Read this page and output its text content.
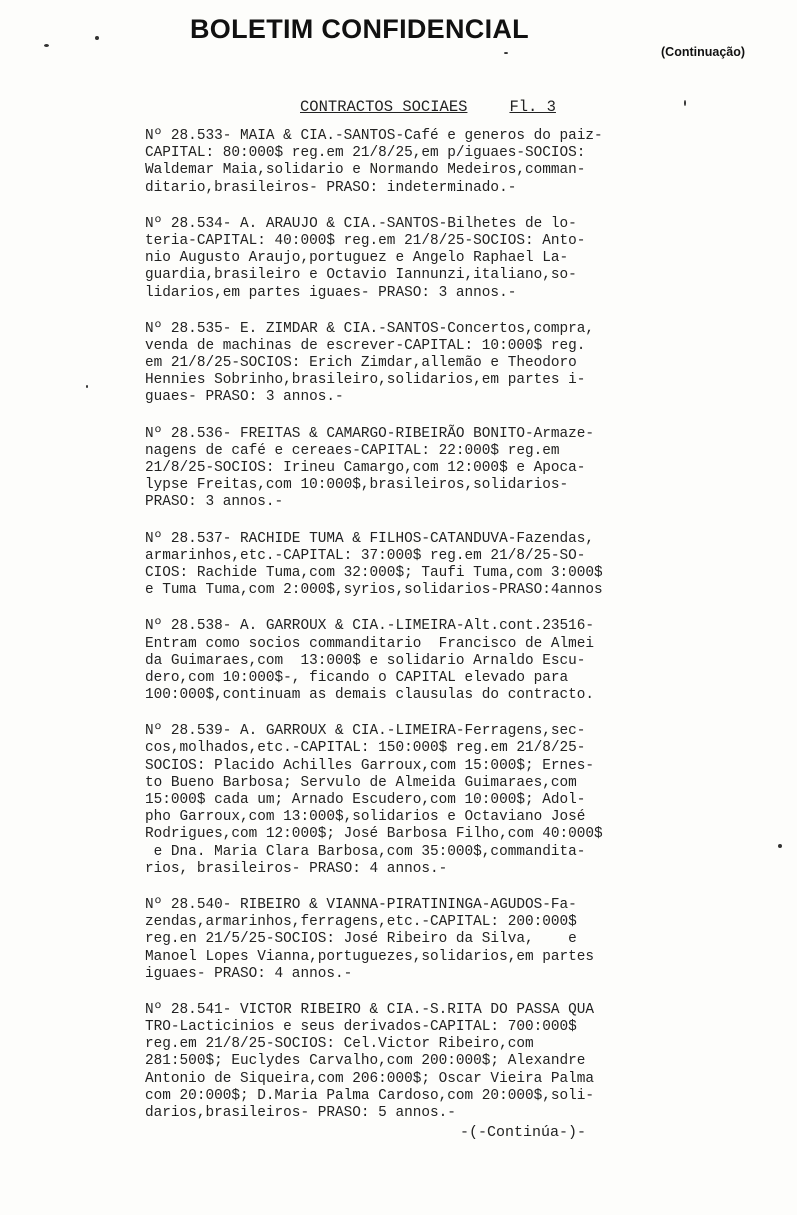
BOLETIM CONFIDENCIAL
(Continuação)
CONTRACTOS SOCIAES	Fl. 3
Nº 28.533- MAIA & CIA.-SANTOS-Café e generos do paiz-
CAPITAL: 80:000$ reg.em 21/8/25,em p/iguaes-SOCIOS:
Waldemar Maia,solidario e Normando Medeiros,comman-
ditario,brasileiros- PRASO: indeterminado.-
Nº 28.534- A. ARAUJO & CIA.-SANTOS-Bilhetes de lo-
teria-CAPITAL: 40:000$ reg.em 21/8/25-SOCIOS: Anto-
nio Augusto Araujo,portuguez e Angelo Raphael La-
guardia,brasileiro e Octavio Iannunzi,italiano,so-
lidarios,em partes iguaes- PRASO: 3 annos.-
Nº 28.535- E. ZIMDAR & CIA.-SANTOS-Concertos,compra,
venda de machinas de escrever-CAPITAL: 10:000$ reg.
em 21/8/25-SOCIOS: Erich Zimdar,allemão e Theodoro
Hennies Sobrinho,brasileiro,solidarios,em partes i-
guaes- PRASO: 3 annos.-
Nº 28.536- FREITAS & CAMARGO-RIBEIRÃO BONITO-Armaze-
nagens de café e cereaes-CAPITAL: 22:000$ reg.em
21/8/25-SOCIOS: Irineu Camargo,com 12:000$ e Apoca-
lypse Freitas,com 10:000$,brasileiros,solidarios-
PRASO: 3 annos.-
Nº 28.537- RACHIDE TUMA & FILHOS-CATANDUVA-Fazendas,
armarinhos,etc.-CAPITAL: 37:000$ reg.em 21/8/25-SO-
CIOS: Rachide Tuma,com 32:000$; Taufi Tuma,com 3:000$
e Tuma Tuma,com 2:000$,syrios,solidarios-PRASO:4annos
Nº 28.538- A. GARROUX & CIA.-LIMEIRA-Alt.cont.23516-
Entram como socios commanditario  Francisco de Almei
da Guimaraes,com  13:000$ e solidario Arnaldo Escu-
dero,com 10:000$-, ficando o CAPITAL elevado para
100:000$,continuam as demais clausulas do contracto.
Nº 28.539- A. GARROUX & CIA.-LIMEIRA-Ferragens,sec-
cos,molhados,etc.-CAPITAL: 150:000$ reg.em 21/8/25-
SOCIOS: Placido Achilles Garroux,com 15:000$; Ernes-
to Bueno Barbosa; Servulo de Almeida Guimaraes,com
15:000$ cada um; Arnado Escudero,com 10:000$; Adol-
pho Garroux,com 13:000$,solidarios e Octaviano José
Rodrigues,com 12:000$; José Barbosa Filho,com 40:000$
e Dna. Maria Clara Barbosa,com 35:000$,commandita-
rios, brasileiros- PRASO: 4 annos.-
Nº 28.540- RIBEIRO & VIANNA-PIRATININGA-AGUDOS-Fa-
zendas,armarinhos,ferragens,etc.-CAPITAL: 200:000$
reg.en 21/5/25-SOCIOS: José Ribeiro da Silva,    e
Manoel Lopes Vianna,portuguezes,solidarios,em partes
iguaes- PRASO: 4 annos.-
Nº 28.541- VICTOR RIBEIRO & CIA.-S.RITA DO PASSA QUA
TRO-Lacticinios e seus derivados-CAPITAL: 700:000$
reg.em 21/8/25-SOCIOS: Cel.Victor Ribeiro,com
281:500$; Euclydes Carvalho,com 200:000$; Alexandre
Antonio de Siqueira,com 206:000$; Oscar Vieira Palma
com 20:000$; D.Maria Palma Cardoso,com 20:000$,soli-
darios,brasileiros- PRASO: 5 annos.-
-(-Continúa-)-
